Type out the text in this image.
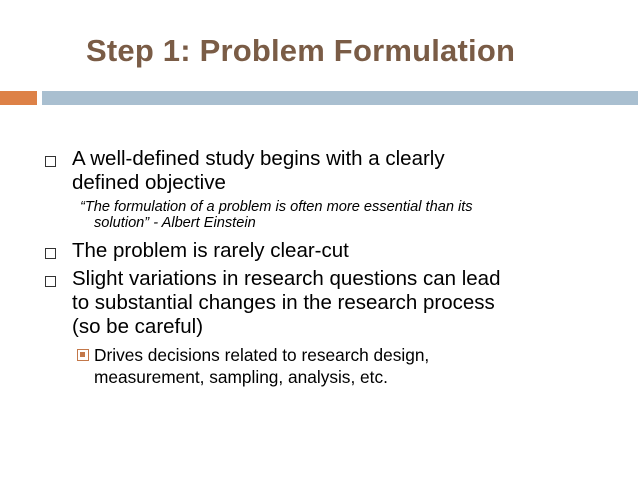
Step 1: Problem Formulation
A well-defined study begins with a clearly
defined objective
“The formulation of a problem is often more essential than its
solution” - Albert Einstein
The problem is rarely clear-cut
Slight variations in research questions can lead
to substantial changes in the research process
(so be careful)
Drives decisions related to research design,
measurement, sampling, analysis, etc.
